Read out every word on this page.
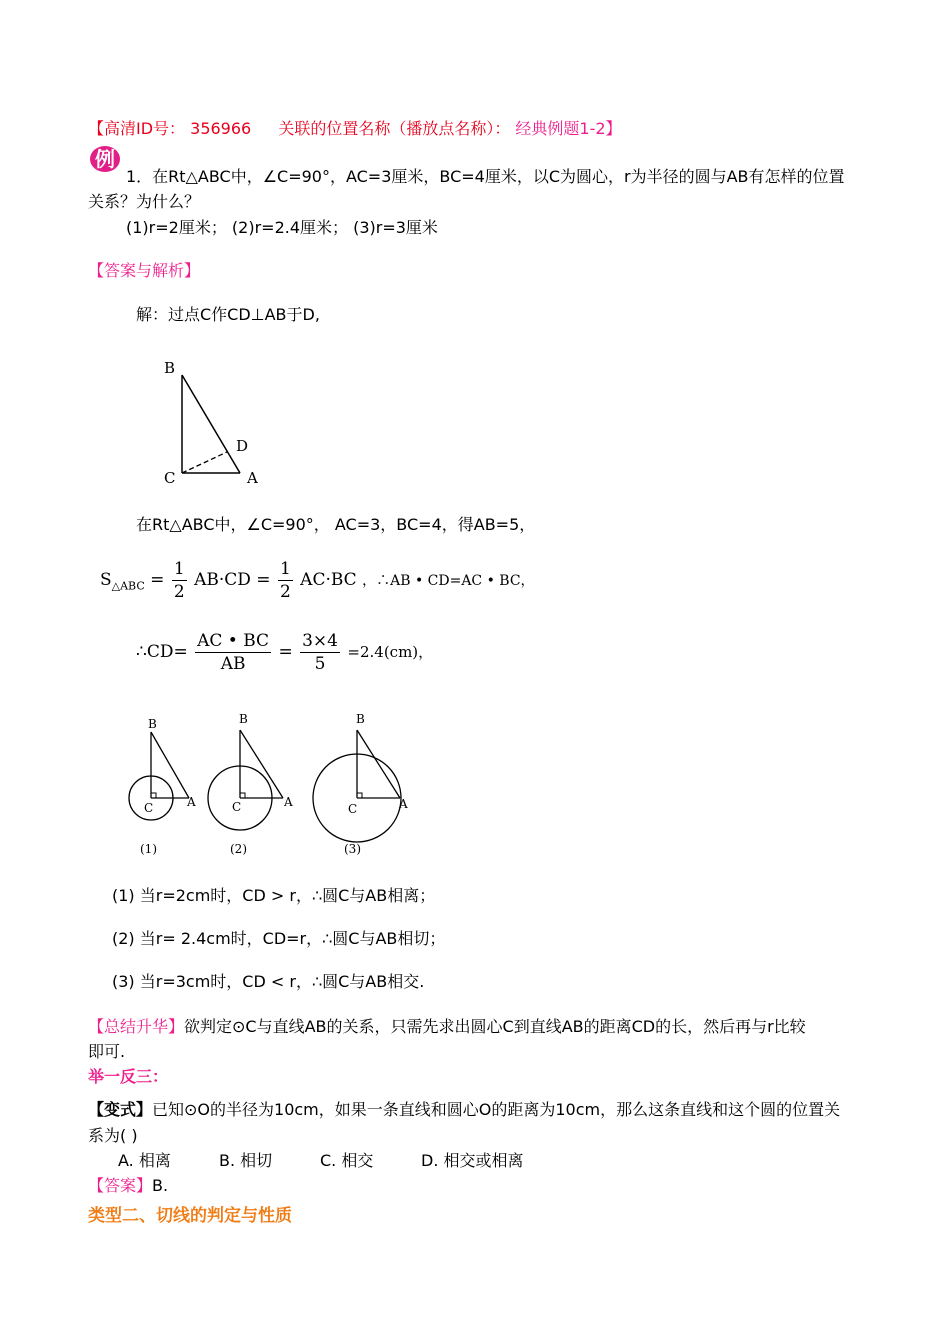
【高清ID号： 356966 关联的位置名称（播放点名称）： 经典例题1-2】
例
1．在Rt△ABC中，∠C=90°，AC=3厘米，BC=4厘米，以C为圆心，r为半径的圆与AB有怎样的位置
关系？为什么？
(1)r=2厘米； (2)r=2.4厘米； (3)r=3厘米
【答案与解析】
解：过点C作CD⊥AB于D,
B
D
C	A
在Rt△ABC中，∠C=90°， AC=3，BC=4，得AB=5，
$S_{\triangle ABC} = \frac{1}{2} AB\cdot CD = \frac{1}{2} AC\cdot BC$ ，∴AB • CD=AC • BC，
∴CD= $\frac{AC • BC}{AB} = \frac{3\times 4}{5} =2.4(cm)$，
B
C	A
(1)
B
C	A
(2)
B
C	A
(3)
(1) 当r=2cm时，CD > r，∴圆C与AB相离；
(2) 当r= 2.4cm时，CD=r，∴圆C与AB相切；
(3) 当r=3cm时，CD < r，∴圆C与AB相交.
【总结升华】欲判定⊙C与直线AB的关系，只需先求出圆心C到直线AB的距离CD的长，然后再与r比较
即可.
举一反三：
【变式】已知⊙O的半径为10cm，如果一条直线和圆心O的距离为10cm，那么这条直线和这个圆的位置关
系为( )
A. 相离	B. 相切	C. 相交	D. 相交或相离
【答案】B.
类型二、切线的判定与性质
